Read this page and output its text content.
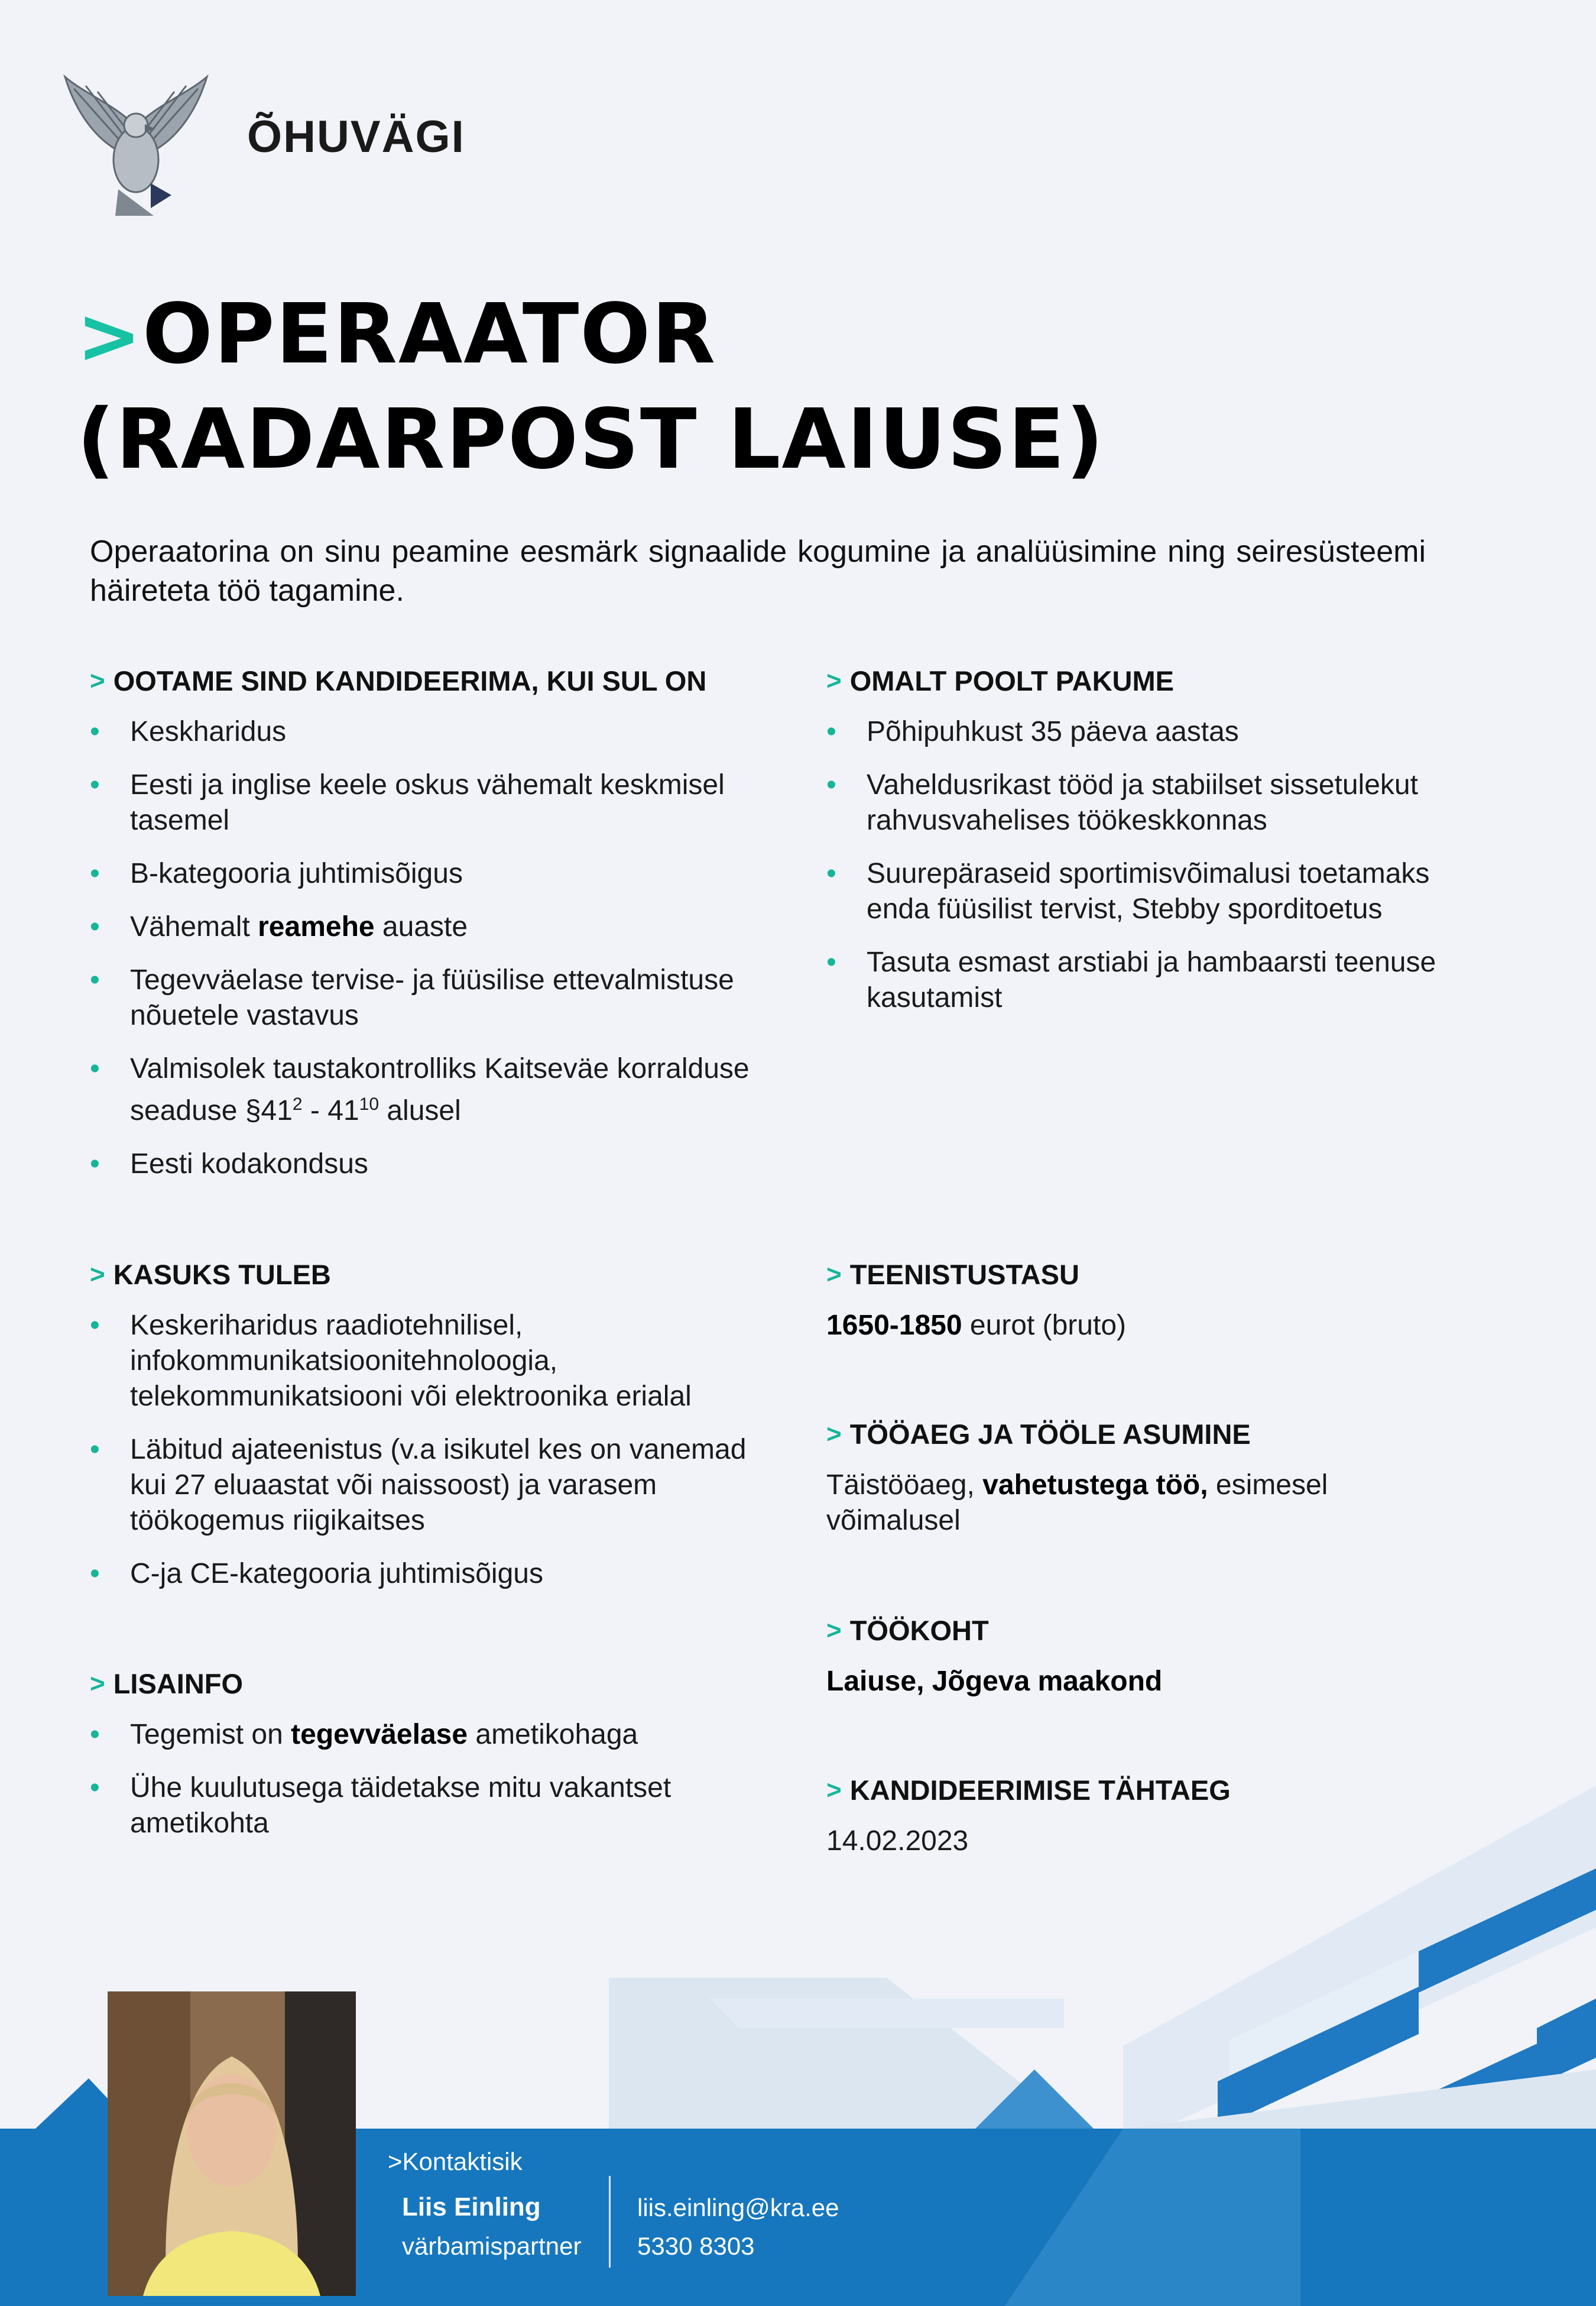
ÕHUVÄGI
>OPERAATOR
(RADARPOST LAIUSE)
Operaatorina on sinu peamine eesmärk signaalide kogumine ja analüüsimine ning seiresüsteemi häireteta töö tagamine.
> OOTAME SIND KANDIDEERIMA, KUI SUL ON
•	Keskharidus
•	Eesti ja inglise keele oskus vähemalt keskmisel tasemel
•	B-kategooria juhtimisõigus
•	Vähemalt reamehe auaste
•	Tegevväelase tervise- ja füüsilise ettevalmistuse nõuetele vastavus
•	Valmisolek taustakontrolliks Kaitseväe korralduse seaduse $\S 41^2 - 41^{10}$ alusel
•	Eesti kodakondsus
> OMALT POOLT PAKUME
•	Põhipuhkust 35 päeva aastas
•	Vaheldusrikast tööd ja stabiilset sissetulekut rahvusvahelises töökeskkonnas
•	Suurepäraseid sportimisvõimalusi toetamaks enda füüsilist tervist, Stebby sporditoetus
•	Tasuta esmast arstiabi ja hambaarsti teenuse kasutamist
> KASUKS TULEB
•	Keskeriharidus raadiotehnilisel, infokommunikatsioonitehnoloogia, telekommunikatsiooni või elektroonika erialal
•	Läbitud ajateenistus (v.a isikutel kes on vanemad kui 27 eluaastat või naissoost) ja varasem töökogemus riigikaitses
•	C-ja CE-kategooria juhtimisõigus
> LISAINFO
•	Tegemist on tegevväelase ametikohaga
•	Ühe kuulutusega täidetakse mitu vakantset ametikohta
> TEENISTUSTASU
1650-1850 eurot (bruto)
> TÖÖAEG JA TÖÖLE ASUMINE
Täistööaeg, vahetustega töö, esimesel võimalusel
> TÖÖKOHT
Laiuse, Jõgeva maakond
> KANDIDEERIMISE TÄHTAEG
14.02.2023
>Kontaktisik
Liis Einling
värbamispartner
liis.einling@kra.ee
5330 8303
